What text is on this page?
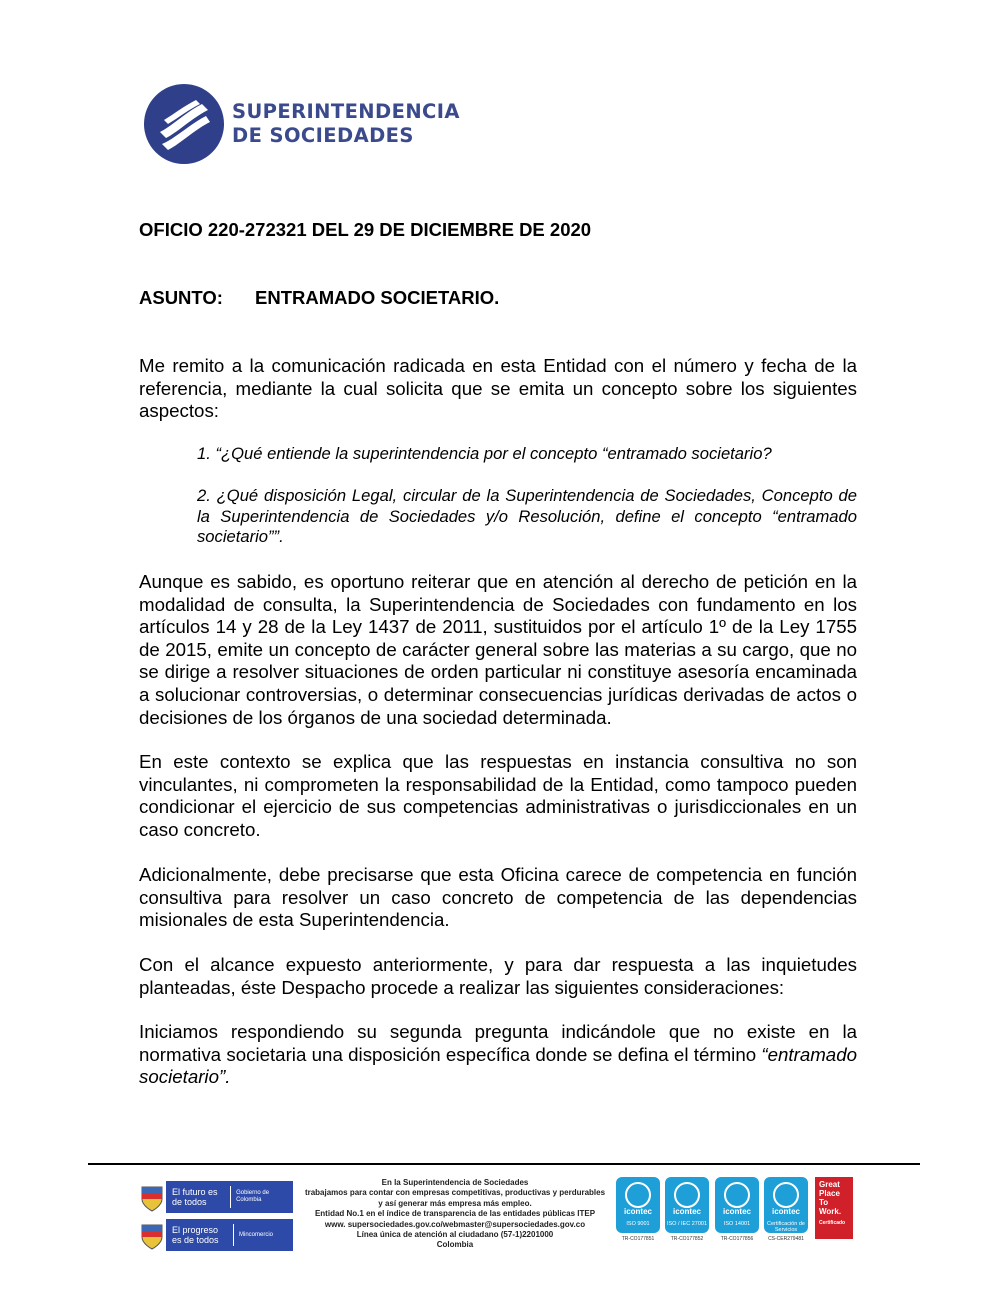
SUPERINTENDENCIA
DE SOCIEDADES
OFICIO 220-272321 DEL 29 DE DICIEMBRE DE 2020
ASUNTO: ENTRAMADO SOCIETARIO.
Me remito a la comunicación radicada en esta Entidad con el número y fecha de la referencia, mediante la cual solicita que se emita un concepto sobre los siguientes aspectos:
1. “¿Qué entiende la superintendencia por el concepto “entramado societario?
2. ¿Qué disposición Legal, circular de la Superintendencia de Sociedades, Concepto de la Superintendencia de Sociedades y/o Resolución, define el concepto “entramado societario””.
Aunque es sabido, es oportuno reiterar que en atención al derecho de petición en la modalidad de consulta, la Superintendencia de Sociedades con fundamento en los artículos 14 y 28 de la Ley 1437 de 2011, sustituidos por el artículo 1º de la Ley 1755 de 2015, emite un concepto de carácter general sobre las materias a su cargo, que no se dirige a resolver situaciones de orden particular ni constituye asesoría encaminada a solucionar controversias, o determinar consecuencias jurídicas derivadas de actos o decisiones de los órganos de una sociedad determinada.
En este contexto se explica que las respuestas en instancia consultiva no son vinculantes, ni comprometen la responsabilidad de la Entidad, como tampoco pueden condicionar el ejercicio de sus competencias administrativas o jurisdiccionales en un caso concreto.
Adicionalmente, debe precisarse que esta Oficina carece de competencia en función consultiva para resolver un caso concreto de competencia de las dependencias misionales de esta Superintendencia.
Con el alcance expuesto anteriormente, y para dar respuesta a las inquietudes planteadas, éste Despacho procede a realizar las siguientes consideraciones:
Iniciamos respondiendo su segunda pregunta indicándole que no existe en la normativa societaria una disposición específica donde se defina el término “entramado societario”.
El futuro es de todos
Gobierno de Colombia
El progreso es de todos
Mincomercio
En la Superintendencia de Sociedades
trabajamos para contar con empresas competitivas, productivas y perdurables
y así generar más empresa más empleo.
Entidad No.1 en el índice de transparencia de las entidades públicas ITEP
www. supersociedades.gov.co/webmaster@supersociedades.gov.co
Línea única de atención al ciudadano (57-1)2201000
Colombia
icontec
ISO 9001
TR-CO177851
icontec
ISO / IEC 27001
TR-CO177852
icontec
ISO 14001
TR-CO177856
icontec
Certificación de Servicios
CS-CER279481
Great
Place
To
Work.
Certificado
